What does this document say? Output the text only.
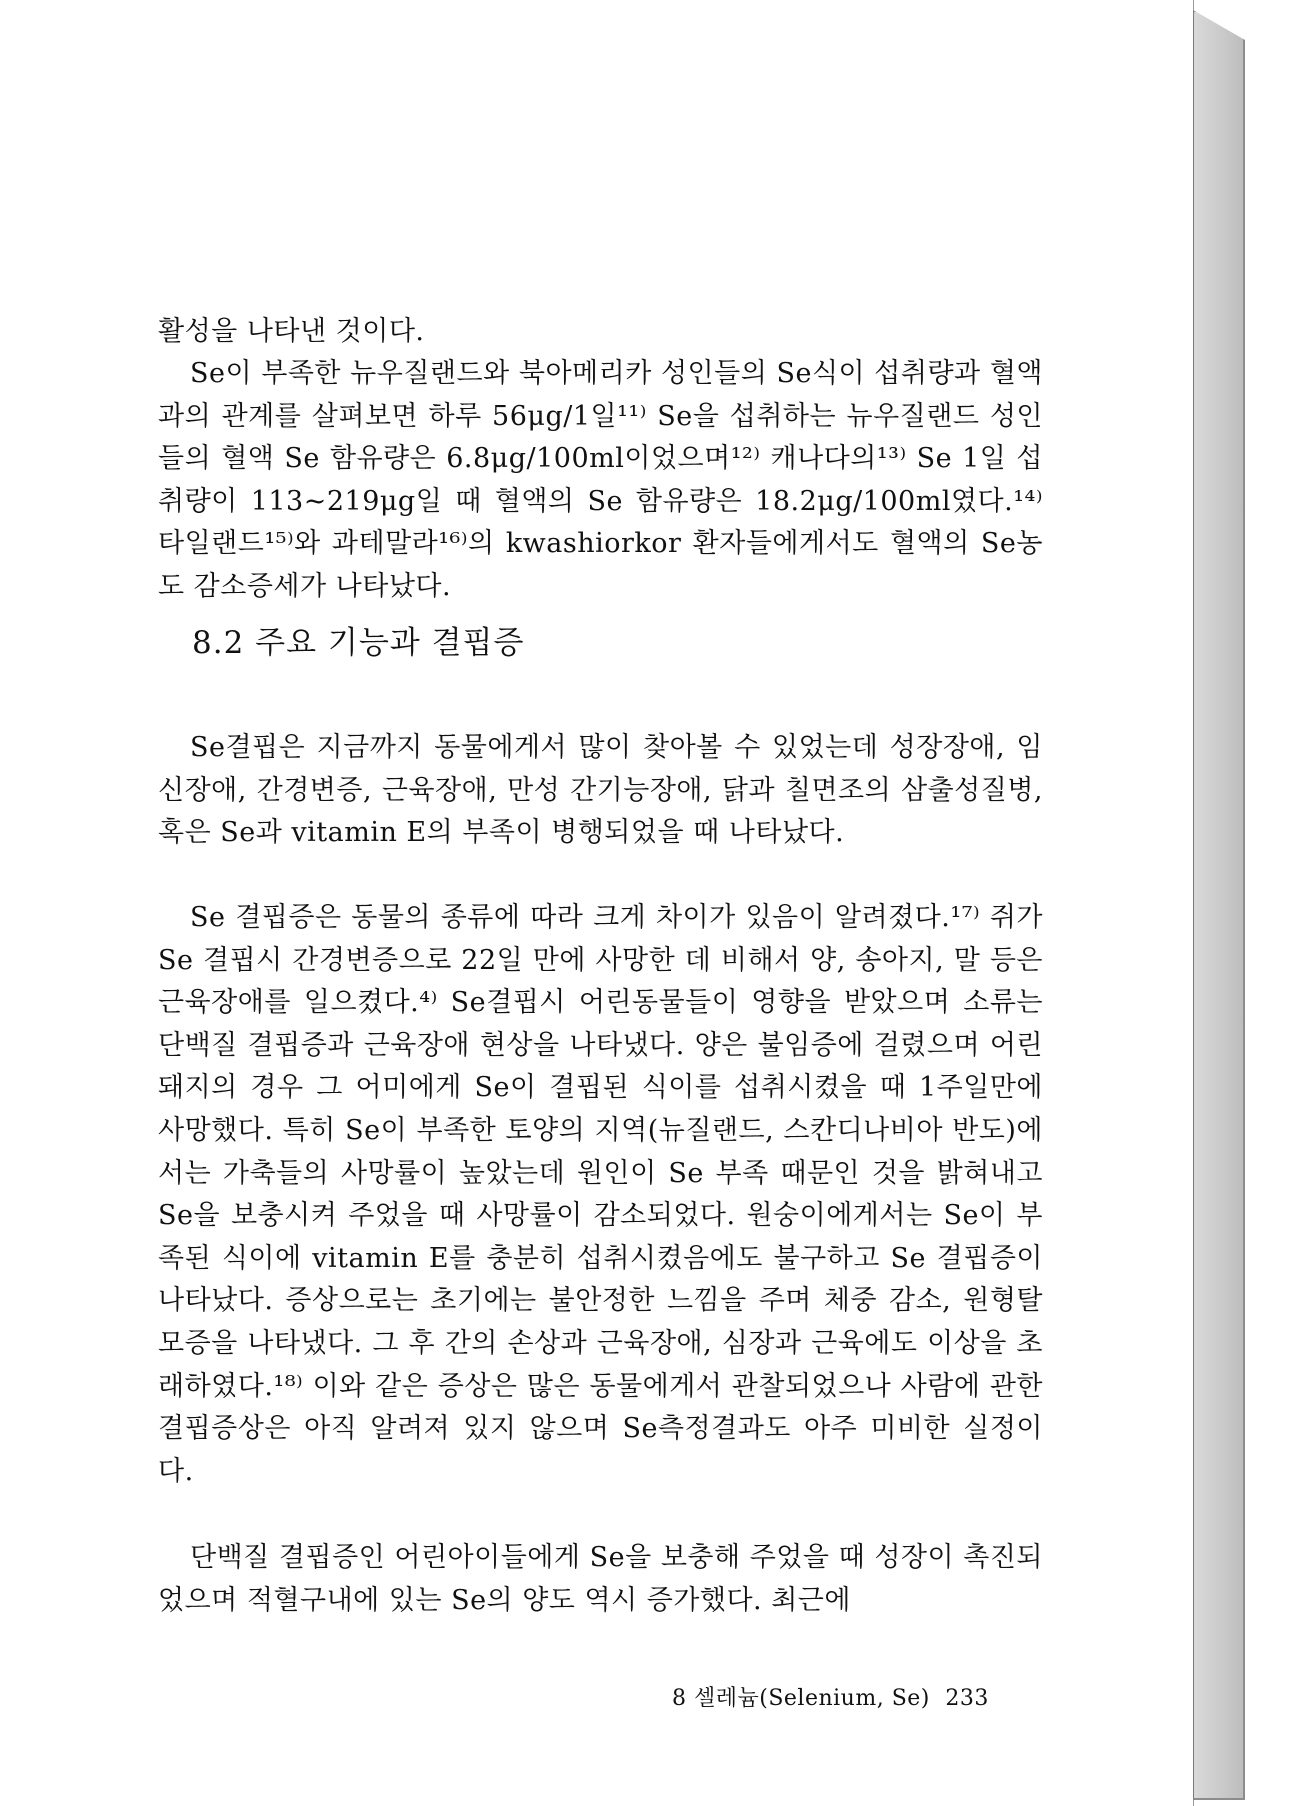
활성을 나타낸 것이다.

Se이 부족한 뉴우질랜드와 북아메리카 성인들의 Se식이 섭취량과 혈액과의 관계를 살펴보면 하루 56μg/1일¹¹⁾ Se을 섭취하는 뉴우질랜드 성인들의 혈액 Se 함유량은 6.8μg/100ml이었으며¹²⁾ 캐나다의¹³⁾ Se 1일 섭취량이 113~219μg일 때 혈액의 Se 함유량은 18.2μg/100ml였다.¹⁴⁾ 타일랜드¹⁵⁾와 과테말라¹⁶⁾의 kwashiorkor 환자들에게서도 혈액의 Se농도 감소증세가 나타났다.

8.2 주요 기능과 결핍증

Se결핍은 지금까지 동물에게서 많이 찾아볼 수 있었는데 성장장애, 임신장애, 간경변증, 근육장애, 만성 간기능장애, 닭과 칠면조의 삼출성질병, 혹은 Se과 vitamin E의 부족이 병행되었을 때 나타났다.

Se 결핍증은 동물의 종류에 따라 크게 차이가 있음이 알려졌다.¹⁷⁾ 쥐가 Se 결핍시 간경변증으로 22일 만에 사망한 데 비해서 양, 송아지, 말 등은 근육장애를 일으켰다.⁴⁾ Se결핍시 어린동물들이 영향을 받았으며 소류는 단백질 결핍증과 근육장애 현상을 나타냈다. 양은 불임증에 걸렸으며 어린 돼지의 경우 그 어미에게 Se이 결핍된 식이를 섭취시켰을 때 1주일만에 사망했다. 특히 Se이 부족한 토양의 지역(뉴질랜드, 스칸디나비아 반도)에서는 가축들의 사망률이 높았는데 원인이 Se 부족 때문인 것을 밝혀내고 Se을 보충시켜 주었을 때 사망률이 감소되었다. 원숭이에게서는 Se이 부족된 식이에 vitamin E를 충분히 섭취시켰음에도 불구하고 Se 결핍증이 나타났다. 증상으로는 초기에는 불안정한 느낌을 주며 체중 감소, 원형탈모증을 나타냈다. 그 후 간의 손상과 근육장애, 심장과 근육에도 이상을 초래하였다.¹⁸⁾ 이와 같은 증상은 많은 동물에게서 관찰되었으나 사람에 관한 결핍증상은 아직 알려져 있지 않으며 Se측정결과도 아주 미비한 실정이다.

단백질 결핍증인 어린아이들에게 Se을 보충해 주었을 때 성장이 촉진되었으며 적혈구내에 있는 Se의 양도 역시 증가했다. 최근에

8 셀레늄(Selenium, Se) 233
